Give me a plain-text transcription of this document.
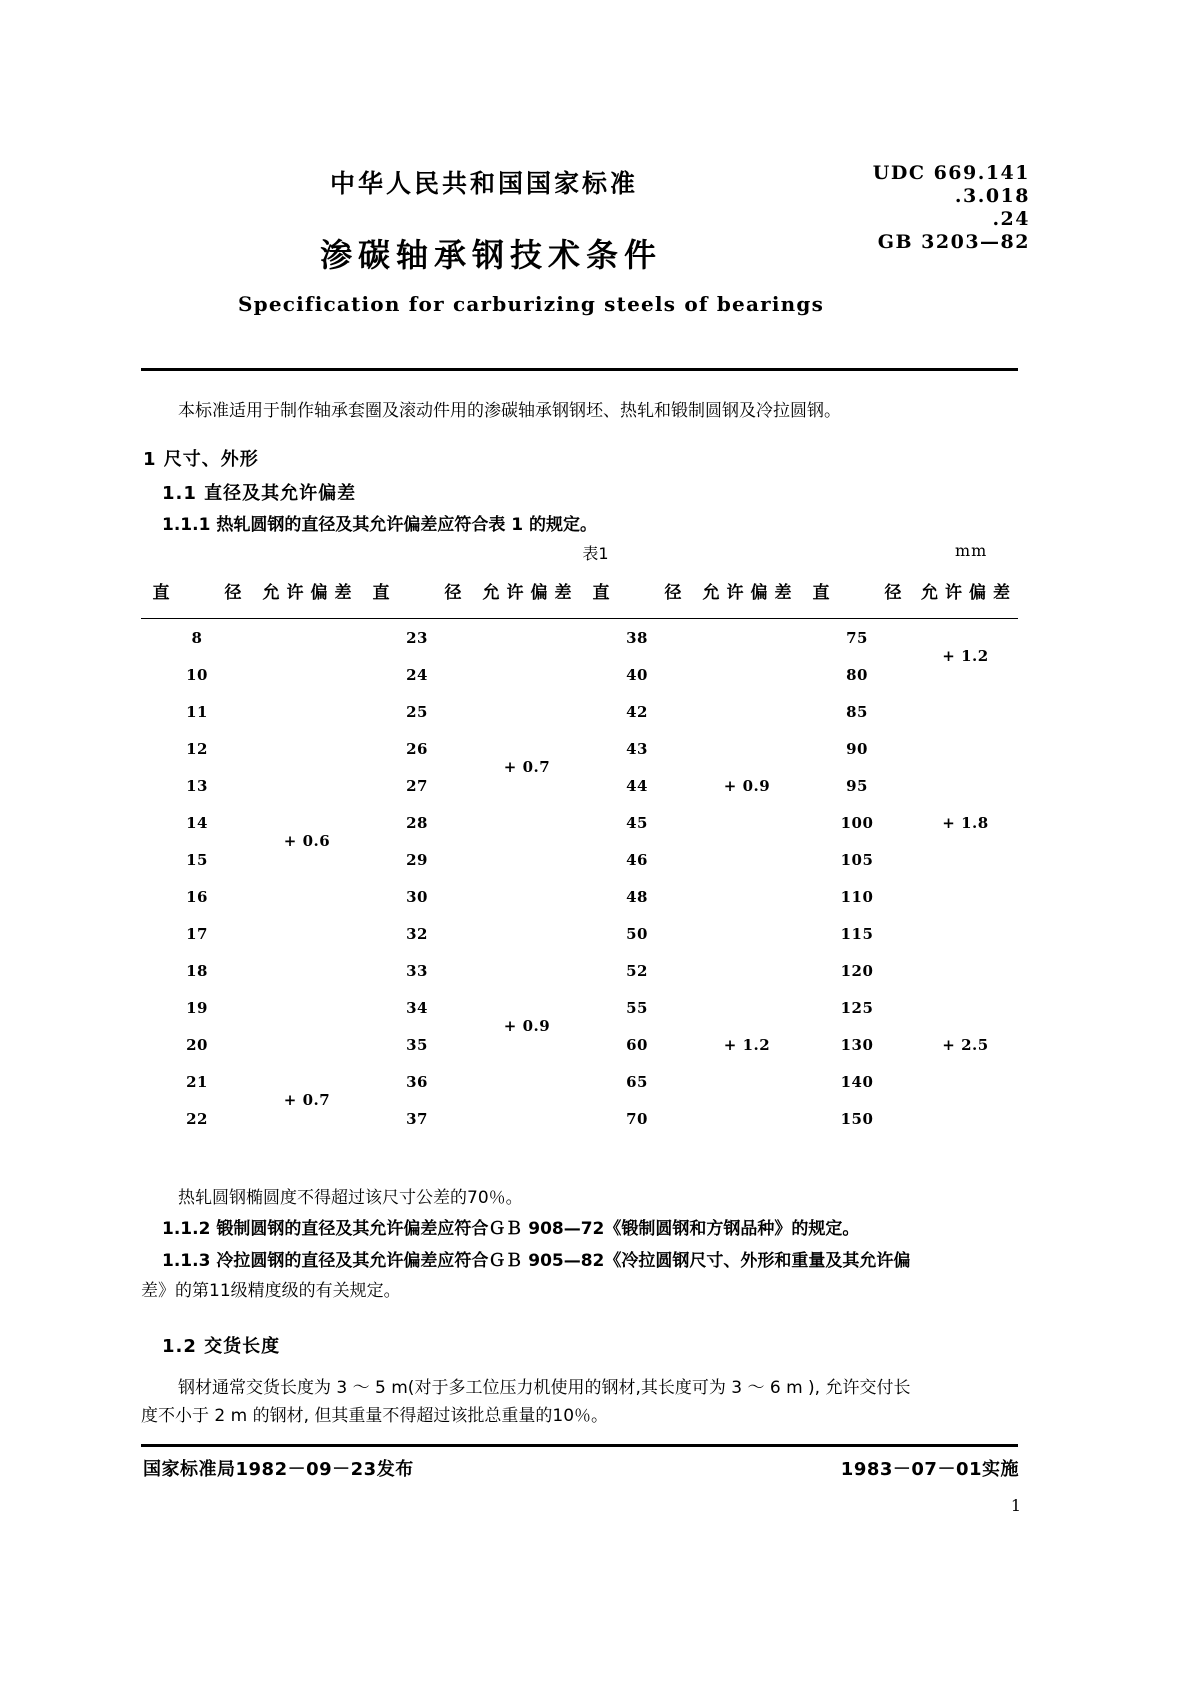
中华人民共和国国家标准
渗碳轴承钢技术条件
Specification for carburizing steels of bearings
UDC 669.141
.3.018
.24
GB 3203—82
本标准适用于制作轴承套圈及滚动件用的渗碳轴承钢钢坯、热轧和锻制圆钢及冷拉圆钢。
1 尺寸、外形
1.1 直径及其允许偏差
1.1.1 热轧圆钢的直径及其允许偏差应符合表 1 的规定。
表1	mm
直　　径	允许偏差	直　　径	允许偏差	直　　径	允许偏差	直　　径	允许偏差
8	+ 0.6	23	+ 0.7	38	+ 0.9	75	+ 1.2
10		24		40		80	
11		25		42		85	+ 1.8
12		26		43		90	
13		27		44		95	
14		28		45		100	
15		29		46		105	
16		30		48		110	
17		32	+ 0.9	50		115	
18		33		52	+ 1.2	120	+ 2.5
19		34		55		125	
20		35		60		130	
21	+ 0.7	36		65		140	
22		37		70		150	

热轧圆钢椭圆度不得超过该尺寸公差的70％。
1.1.2 锻制圆钢的直径及其允许偏差应符合ＧＢ 908—72《锻制圆钢和方钢品种》的规定。
1.1.3 冷拉圆钢的直径及其允许偏差应符合ＧＢ 905—82《冷拉圆钢尺寸、外形和重量及其允许偏
差》的第11级精度级的有关规定。
1.2 交货长度
钢材通常交货长度为 3 ～ 5 m(对于多工位压力机使用的钢材,其长度可为 3 ～ 6 m ), 允许交付长
度不小于 2 m 的钢材, 但其重量不得超过该批总重量的10％。
国家标准局1982－09－23发布	1983－07－01实施
1
